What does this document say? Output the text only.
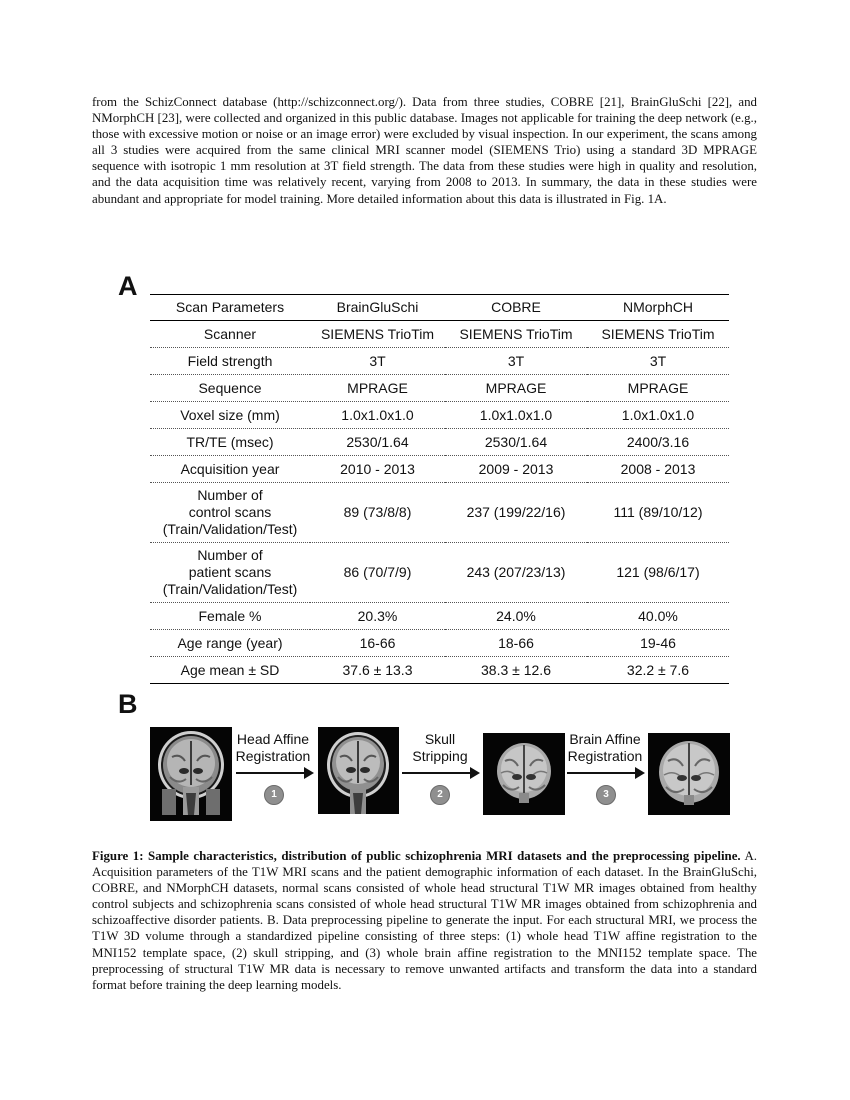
from the SchizConnect database (http://schizconnect.org/). Data from three studies, COBRE [21], BrainGluSchi [22], and NMorphCH [23], were collected and organized in this public database. Images not applicable for training the deep network (e.g., those with excessive motion or noise or an image error) were excluded by visual inspection. In our experiment, the scans among all 3 studies were acquired from the same clinical MRI scanner model (SIEMENS Trio) using a standard 3D MPRAGE sequence with isotropic 1 mm resolution at 3T field strength. The data from these studies were high in quality and resolution, and the data acquisition time was relatively recent, varying from 2008 to 2013. In summary, the data in these studies were abundant and appropriate for model training. More detailed information about this data is illustrated in Fig. 1A.

A
Scan Parameters	BrainGluSchi	COBRE	NMorphCH
Scanner	SIEMENS TrioTim	SIEMENS TrioTim	SIEMENS TrioTim
Field strength	3T	3T	3T
Sequence	MPRAGE	MPRAGE	MPRAGE
Voxel size (mm)	1.0x1.0x1.0	1.0x1.0x1.0	1.0x1.0x1.0
TR/TE (msec)	2530/1.64	2530/1.64	2400/3.16
Acquisition year	2010 - 2013	2009 - 2013	2008 - 2013

Number of
control scans
(Train/Validation/Test)	89 (73/8/8)	237 (199/22/16)	111 (89/10/12)

Number of
patient scans
(Train/Validation/Test)	86 (70/7/9)	243 (207/23/13)	121 (98/6/17)
Female %	20.3%	24.0%	40.0%
Age range (year)	16-66	18-66	19-46
Age mean ± SD	37.6 ± 13.3	38.3 ± 12.6	32.2 ± 7.6
B
Head Affine
Registration
1
Skull
Stripping
2
Brain Affine
Registration
3

Figure 1: Sample characteristics, distribution of public schizophrenia MRI datasets and the preprocessing pipeline. A. Acquisition parameters of the T1W MRI scans and the patient demographic information of each dataset. In the BrainGluSchi, COBRE, and NMorphCH datasets, normal scans consisted of whole head structural T1W MR images obtained from healthy control subjects and schizophrenia scans consisted of whole head structural T1W MR images obtained from schizophrenia and schizoaffective disorder patients. B. Data preprocessing pipeline to generate the input. For each structural MRI, we process the T1W 3D volume through a standardized pipeline consisting of three steps: (1) whole head T1W affine registration to the MNI152 template space, (2) skull stripping, and (3) whole brain affine registration to the MNI152 template space. The preprocessing of structural T1W MR data is necessary to remove unwanted artifacts and transform the data into a standard format before training the deep learning models.
